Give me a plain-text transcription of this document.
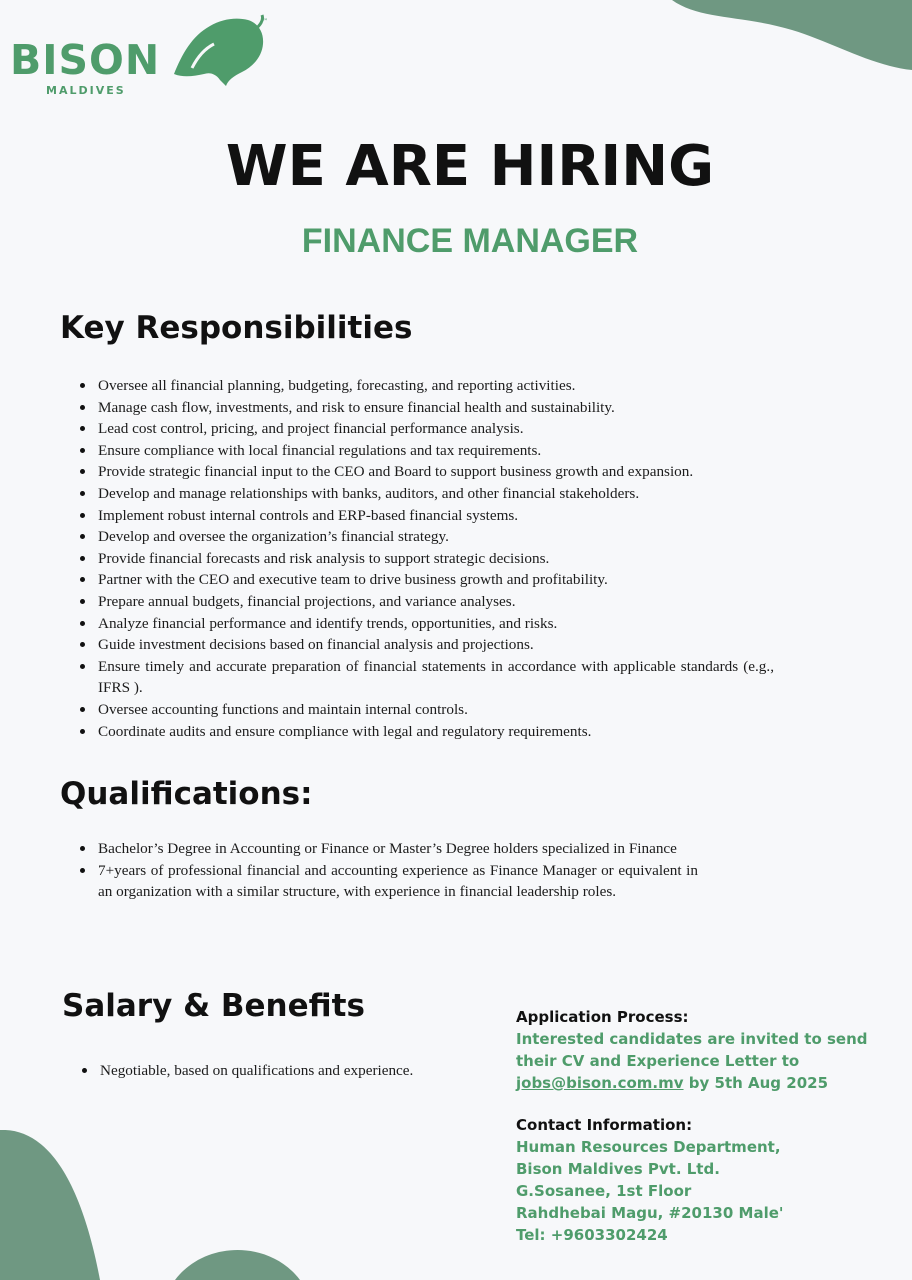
BISON
MALDIVES
™
WE ARE HIRING
FINANCE MANAGER
Key Responsibilities
Oversee all financial planning, budgeting, forecasting, and reporting activities.
Manage cash flow, investments, and risk to ensure financial health and sustainability.
Lead cost control, pricing, and project financial performance analysis.
Ensure compliance with local financial regulations and tax requirements.
Provide strategic financial input to the CEO and Board to support business growth and expansion.
Develop and manage relationships with banks, auditors, and other financial stakeholders.
Implement robust internal controls and ERP-based financial systems.
Develop and oversee the organization’s financial strategy.
Provide financial forecasts and risk analysis to support strategic decisions.
Partner with the CEO and executive team to drive business growth and profitability.
Prepare annual budgets, financial projections, and variance analyses.
Analyze financial performance and identify trends, opportunities, and risks.
Guide investment decisions based on financial analysis and projections.
Ensure timely and accurate preparation of financial statements in accordance with applicable standards (e.g., IFRS ).
Oversee accounting functions and maintain internal controls.
Coordinate audits and ensure compliance with legal and regulatory requirements.
Qualifications:
Bachelor’s Degree in Accounting or Finance or Master’s Degree holders specialized in Finance
7+years of professional financial and accounting experience as Finance Manager or equivalent in an organization with a similar structure, with experience in financial leadership roles.
Salary & Benefits
Negotiable, based on qualifications and experience.
Application Process:
Interested candidates are invited to send their CV and Experience Letter to jobs@bison.com.mv by 5th Aug 2025
Contact Information:
Human Resources Department,
Bison Maldives Pvt. Ltd.
G.Sosanee, 1st Floor
Rahdhebai Magu, #20130 Male'
Tel: +9603302424
